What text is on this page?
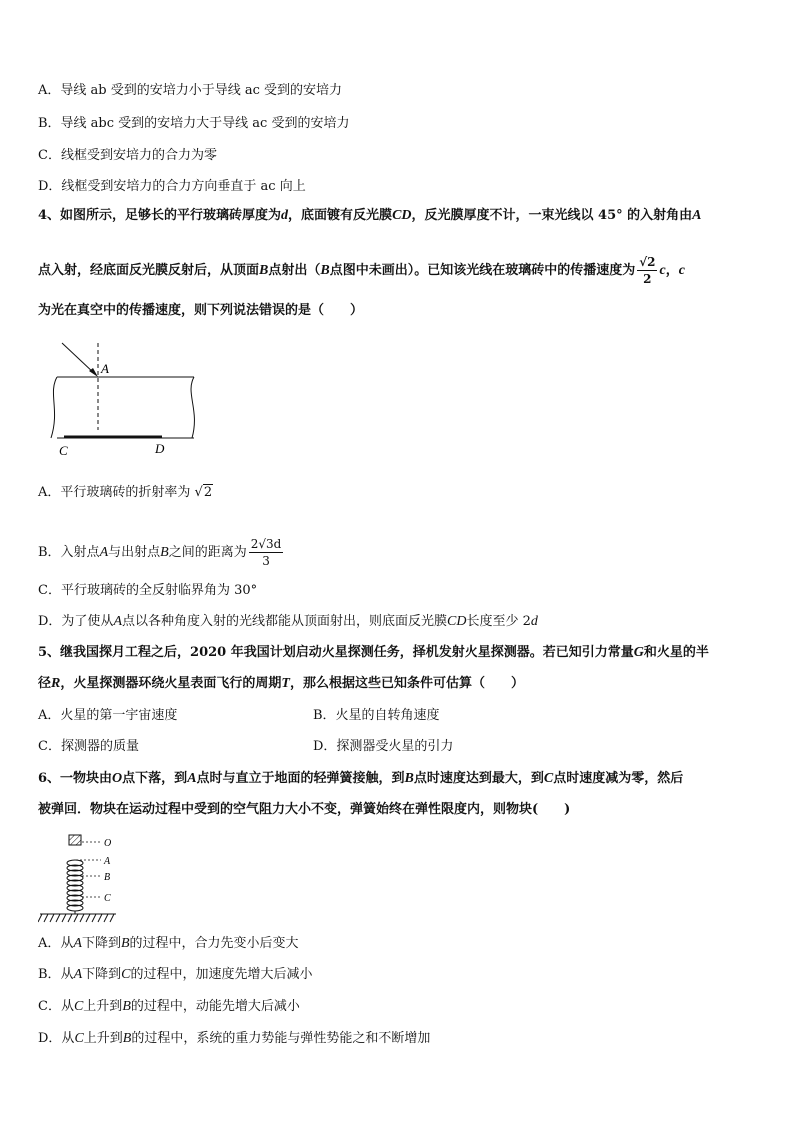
A．导线 ab 受到的安培力小于导线 ac 受到的安培力
B．导线 abc 受到的安培力大于导线 ac 受到的安培力
C．线框受到安培力的合力为零
D．线框受到安培力的合力方向垂直于 ac 向上
4、如图所示，足够长的平行玻璃砖厚度为d，底面镀有反光膜CD，反光膜厚度不计，一束光线以 45° 的入射角由A
点入射，经底面反光膜反射后，从顶面B点射出（B点图中未画出）。已知该光线在玻璃砖中的传播速度为 $\frac{√2}{2}$ c，c
为光在真空中的传播速度，则下列说法错误的是（　　）
A
C	D
A．平行玻璃砖的折射率为 √2
B．入射点A与出射点B之间的距离为 $\frac{2√3d}{3}$
C．平行玻璃砖的全反射临界角为 30°
D．为了使从A点以各种角度入射的光线都能从顶面射出，则底面反光膜CD长度至少 2d
5、继我国探月工程之后，2020 年我国计划启动火星探测任务，择机发射火星探测器。若已知引力常量G和火星的半
径R，火星探测器环绕火星表面飞行的周期T，那么根据这些已知条件可估算（　　）
A．火星的第一宇宙速度	B．火星的自转角速度
C．探测器的质量	D．探测器受火星的引力
6、一物块由O点下落，到A点时与直立于地面的轻弹簧接触，到B点时速度达到最大，到C点时速度减为零，然后
被弹回．物块在运动过程中受到的空气阻力大小不变，弹簧始终在弹性限度内，则物块(　　)
O
A
B
C
A．从A下降到B的过程中，合力先变小后变大
B．从A下降到C的过程中，加速度先增大后减小
C．从C上升到B的过程中，动能先增大后减小
D．从C上升到B的过程中，系统的重力势能与弹性势能之和不断增加
